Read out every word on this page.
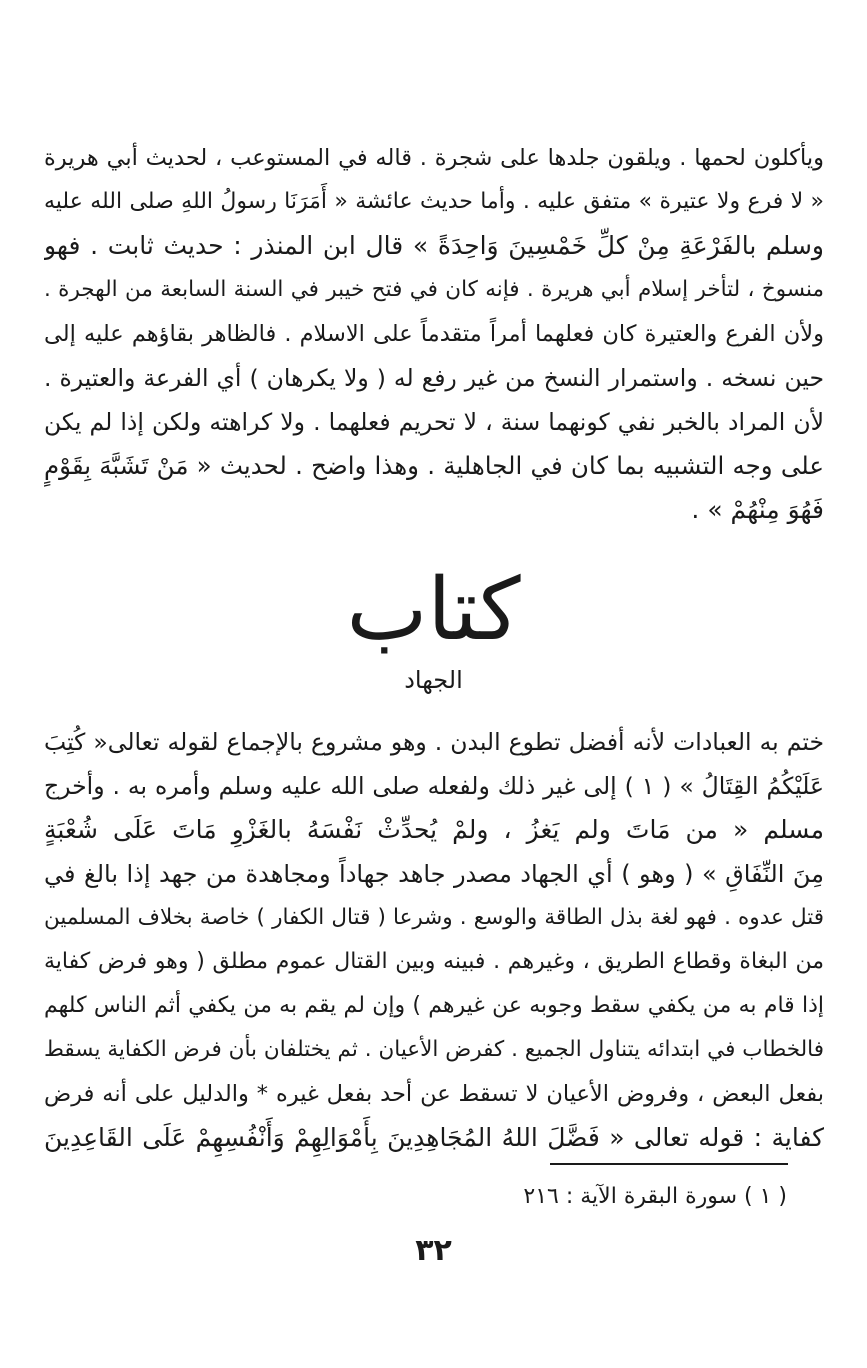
ويأكلون لحمها . ويلقون جلدها على شجرة . قاله في المستوعب ، لحديث أبي هريرة
« لا فرع ولا عتيرة » متفق عليه . وأما حديث عائشة « أَمَرَنَا رسولُ اللهِ صلى الله عليه
وسلم بالفَرْعَةِ مِنْ كلِّ خَمْسِينَ وَاحِدَةً » قال ابن المنذر : حديث ثابت . فهو
منسوخ ، لتأخر إسلام أبي هريرة . فإنه كان في فتح خيبر في السنة السابعة من الهجرة .
ولأن الفرع والعتيرة كان فعلهما أمراً متقدماً على الاسلام . فالظاهر بقاؤهم عليه إلى
حين نسخه . واستمرار النسخ من غير رفع له ( ولا يكرهان ) أي الفرعة والعتيرة .
لأن المراد بالخبر نفي كونهما سنة ، لا تحريم فعلهما . ولا كراهته ولكن إذا لم يكن
على وجه التشبيه بما كان في الجاهلية . وهذا واضح . لحديث « مَنْ تَشَبَّهَ بِقَوْمٍ
فَهُوَ مِنْهُمْ » .
كتاب
الجهاد
ختم به العبادات لأنه أفضل تطوع البدن . وهو مشروع بالإجماع لقوله تعالى« كُتِبَ
عَلَيْكُمُ القِتَالُ » ( ١ ) إلى غير ذلك ولفعله صلى الله عليه وسلم وأمره به . وأخرج
مسلم « من مَاتَ ولم يَغزُ ، ولمْ يُحدِّثْ نَفْسَهُ بالغَزْوِ مَاتَ عَلَى شُعْبَةٍ
مِنَ النِّفَاقِ » ( وهو ) أي الجهاد مصدر جاهد جهاداً ومجاهدة من جهد إذا بالغ في
قتل عدوه . فهو لغة بذل الطاقة والوسع . وشرعا ( قتال الكفار ) خاصة بخلاف المسلمين
من البغاة وقطاع الطريق ، وغيرهم . فبينه وبين القتال عموم مطلق ( وهو فرض كفاية
إذا قام به من يكفي سقط وجوبه عن غيرهم ) وإن لم يقم به من يكفي أثم الناس كلهم
فالخطاب في ابتدائه يتناول الجميع . كفرض الأعيان . ثم يختلفان بأن فرض الكفاية يسقط
بفعل البعض ، وفروض الأعيان لا تسقط عن أحد بفعل غيره * والدليل على أنه فرض
كفاية : قوله تعالى « فَضَّلَ اللهُ المُجَاهِدِينَ بِأَمْوَالِهِمْ وَأَنْفُسِهِمْ عَلَى القَاعِدِينَ
( ١ ) سورة البقرة الآية : ٢١٦
٣٢
